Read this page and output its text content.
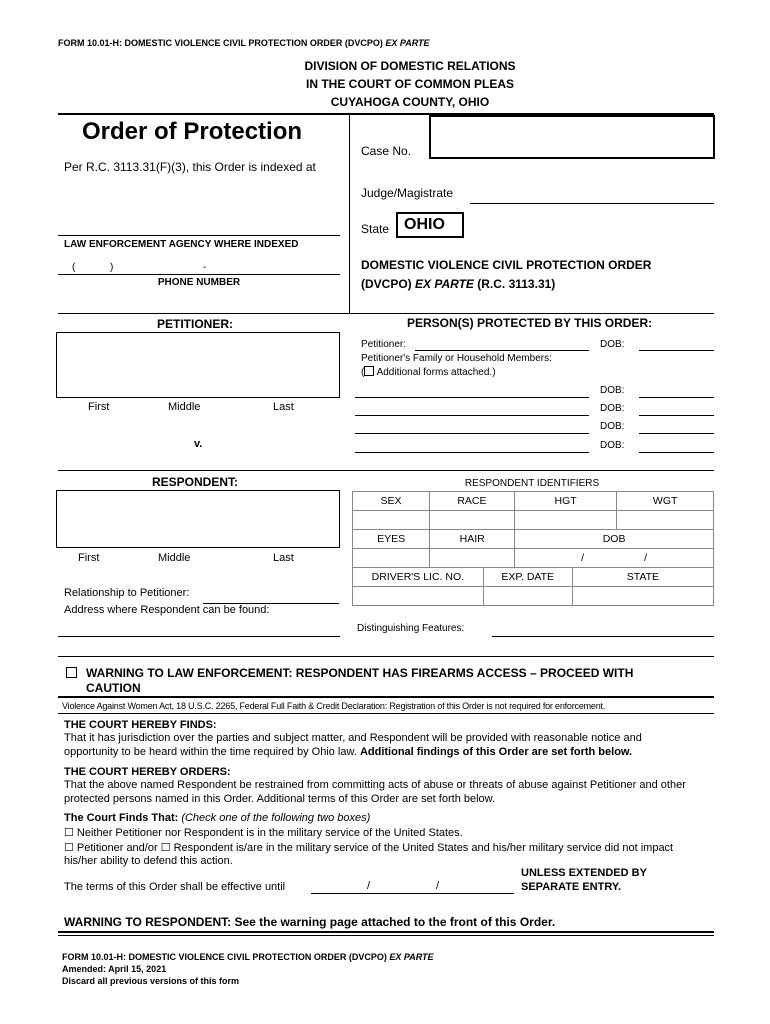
FORM 10.01-H: DOMESTIC VIOLENCE CIVIL PROTECTION ORDER (DVCPO) EX PARTE
DIVISION OF DOMESTIC RELATIONS
IN THE COURT OF COMMON PLEAS
CUYAHOGA COUNTY, OHIO
Order of Protection
Per R.C. 3113.31(F)(3), this Order is indexed at
LAW ENFORCEMENT AGENCY WHERE INDEXED
(	)	-
PHONE NUMBER
Case No.
Judge/Magistrate
State OHIO
DOMESTIC VIOLENCE CIVIL PROTECTION ORDER
(DVCPO) EX PARTE (R.C. 3113.31)
PETITIONER:
First	Middle	Last
v.
PERSON(S) PROTECTED BY THIS ORDER:
Petitioner:	DOB:
Petitioner's Family or Household Members:
( Additional forms attached.)
DOB:
DOB:
DOB:
DOB:
RESPONDENT:
First	Middle	Last
Relationship to Petitioner:
Address where Respondent can be found:
RESPONDENT IDENTIFIERS
SEX	RACE	HGT	WGT

EYES	HAIR	DOB
		/ /
DRIVER'S LIC. NO.	EXP. DATE	STATE

Distinguishing Features:
WARNING TO LAW ENFORCEMENT: RESPONDENT HAS FIREARMS ACCESS – PROCEED WITH
CAUTION
Violence Against Women Act, 18 U.S.C. 2265, Federal Full Faith & Credit Declaration: Registration of this Order is not required for enforcement.
THE COURT HEREBY FINDS:
That it has jurisdiction over the parties and subject matter, and Respondent will be provided with reasonable notice and
opportunity to be heard within the time required by Ohio law. Additional findings of this Order are set forth below.
THE COURT HEREBY ORDERS:
That the above named Respondent be restrained from committing acts of abuse or threats of abuse against Petitioner and other
protected persons named in this Order. Additional terms of this Order are set forth below.
The Court Finds That: (Check one of the following two boxes)
☐ Neither Petitioner nor Respondent is in the military service of the United States.
☐ Petitioner and/or ☐ Respondent is/are in the military service of the United States and his/her military service did not impact
his/her ability to defend this action.
The terms of this Order shall be effective until	/	/
UNLESS EXTENDED BY
SEPARATE ENTRY.
WARNING TO RESPONDENT: See the warning page attached to the front of this Order.
FORM 10.01-H: DOMESTIC VIOLENCE CIVIL PROTECTION ORDER (DVCPO) EX PARTE
Amended: April 15, 2021
Discard all previous versions of this form
